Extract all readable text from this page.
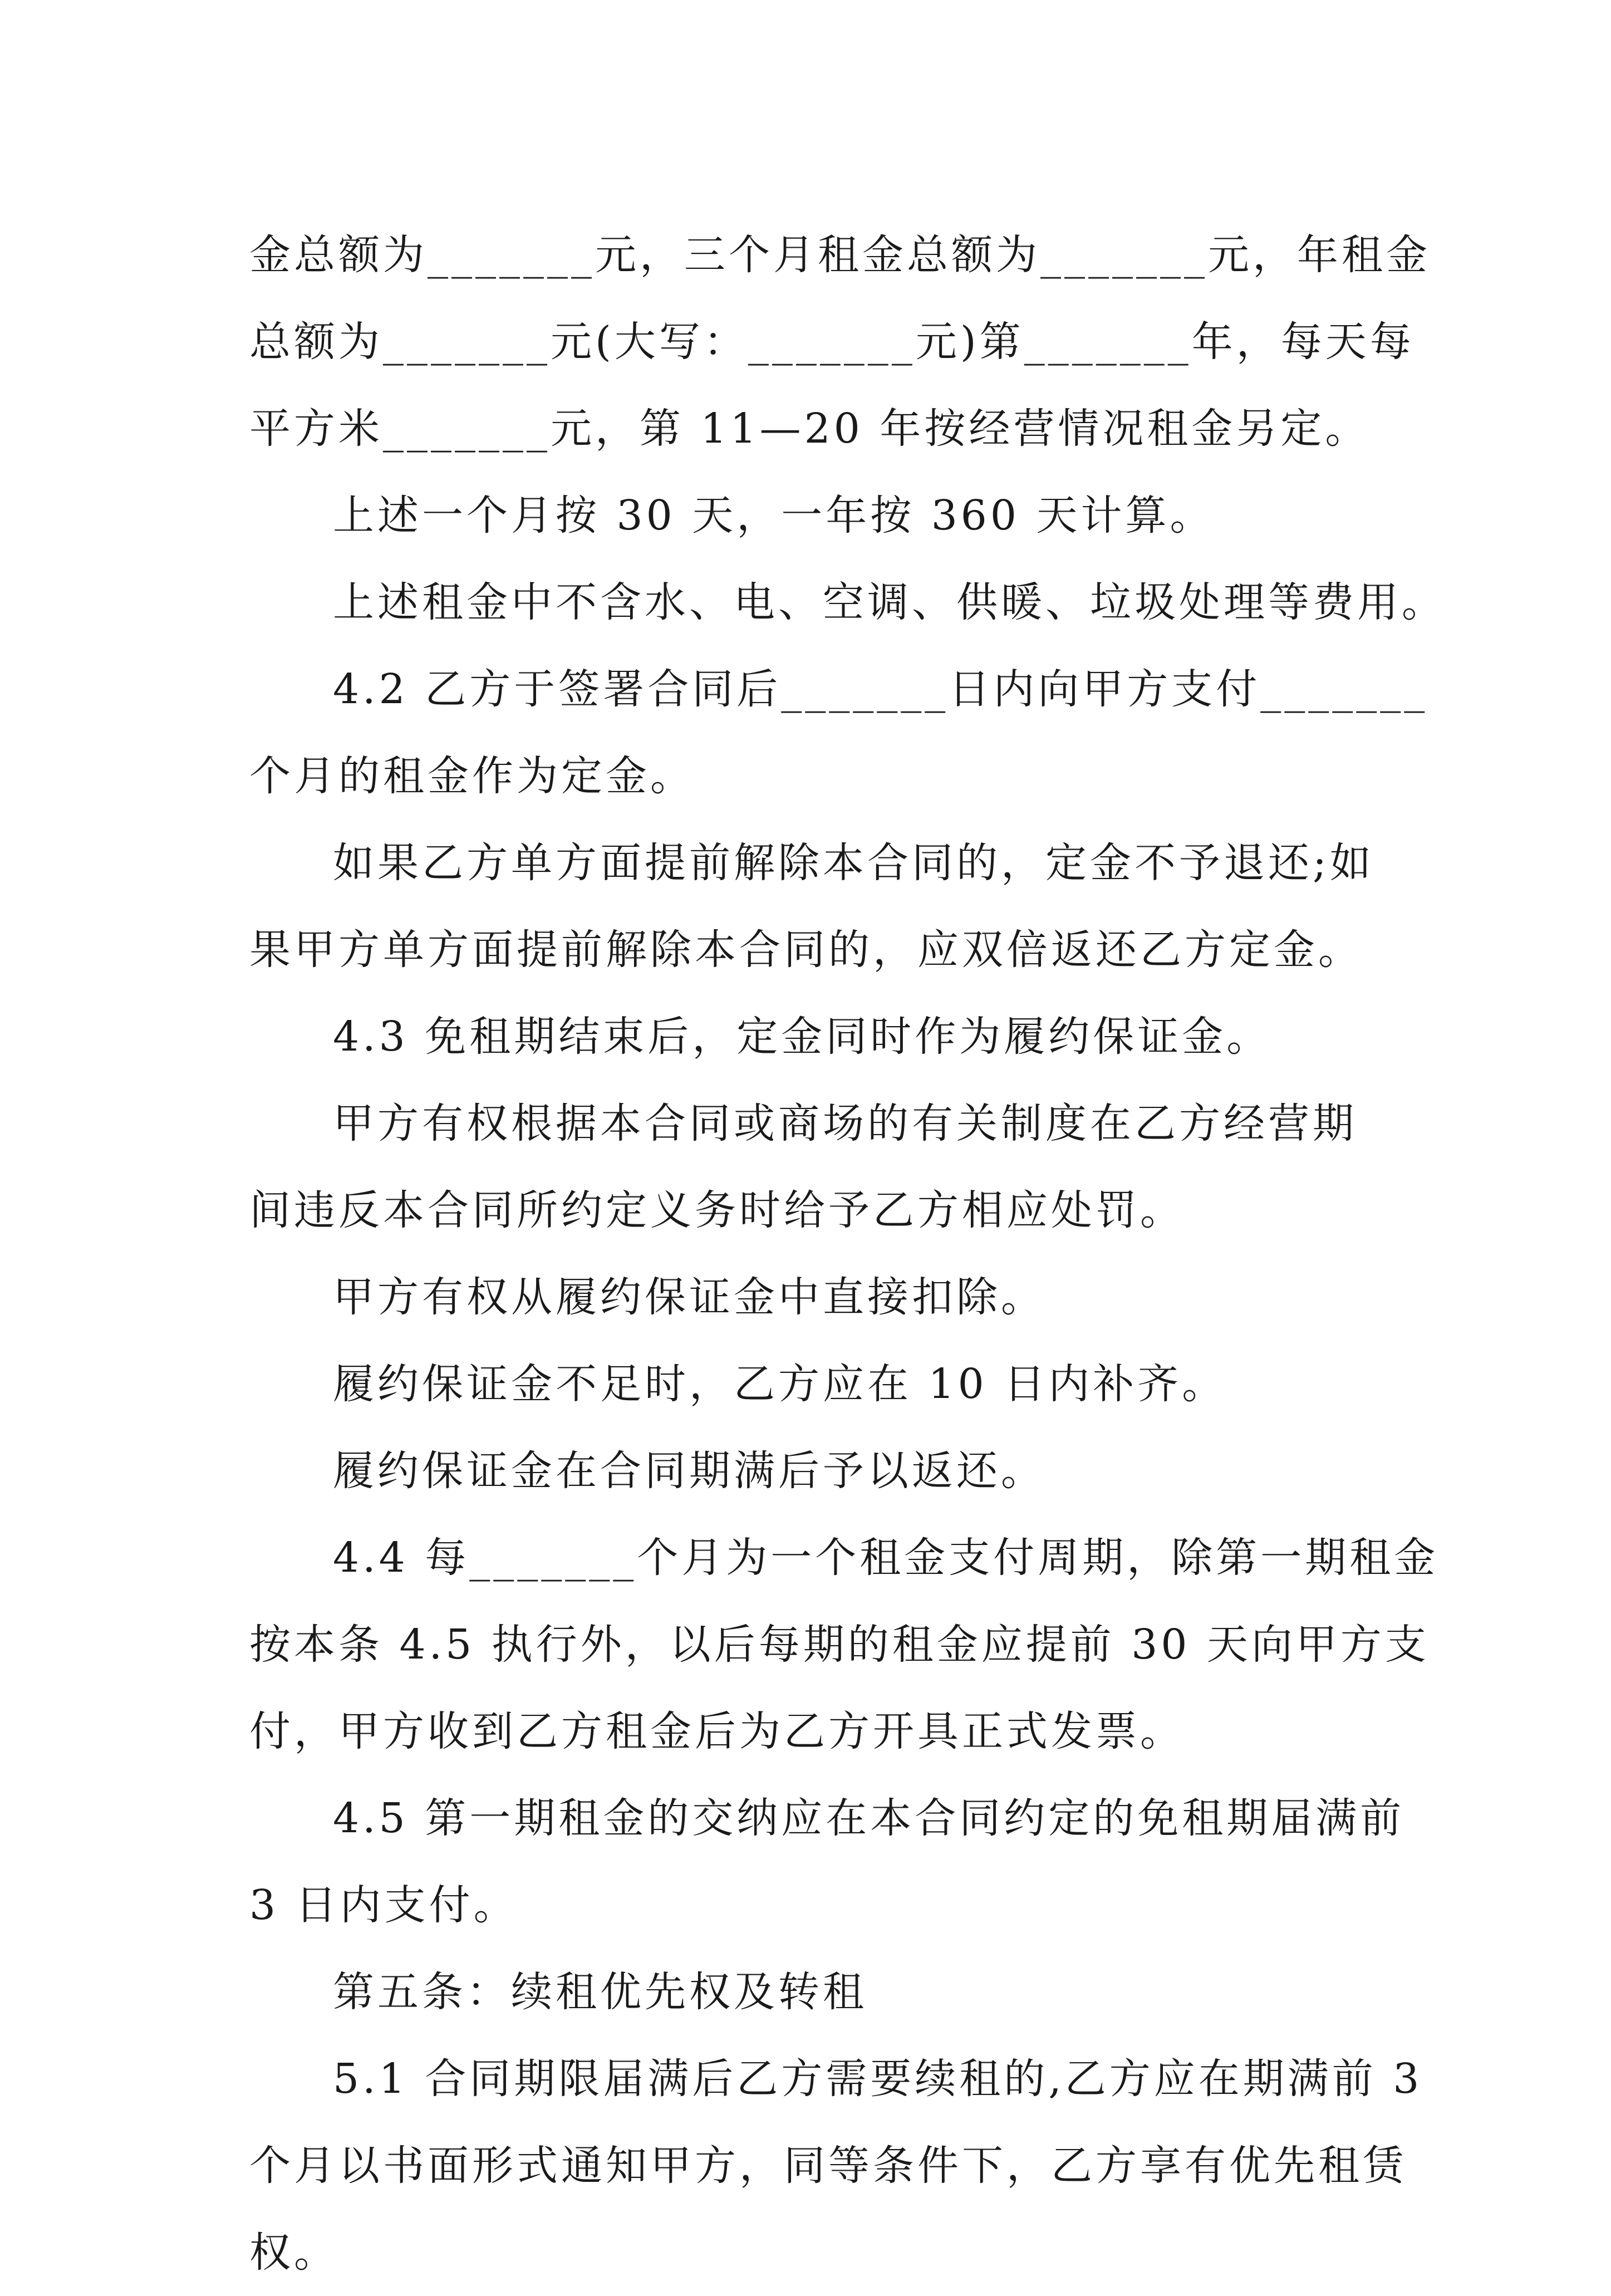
金总额为_______元，三个月租金总额为_______元，年租金
总额为_______元(大写：_______元)第_______年，每天每
平方米_______元，第 11—20 年按经营情况租金另定。
上述一个月按 30 天，一年按 360 天计算。
上述租金中不含水、电、空调、供暖、垃圾处理等费用。
4.2 乙方于签署合同后_______日内向甲方支付_______
个月的租金作为定金。
如果乙方单方面提前解除本合同的，定金不予退还;如
果甲方单方面提前解除本合同的，应双倍返还乙方定金。
4.3 免租期结束后，定金同时作为履约保证金。
甲方有权根据本合同或商场的有关制度在乙方经营期
间违反本合同所约定义务时给予乙方相应处罚。
甲方有权从履约保证金中直接扣除。
履约保证金不足时，乙方应在 10 日内补齐。
履约保证金在合同期满后予以返还。
4.4 每_______个月为一个租金支付周期，除第一期租金
按本条 4.5 执行外，以后每期的租金应提前 30 天向甲方支
付，甲方收到乙方租金后为乙方开具正式发票。
4.5 第一期租金的交纳应在本合同约定的免租期届满前
3 日内支付。
第五条：续租优先权及转租
5.1 合同期限届满后乙方需要续租的,乙方应在期满前 3
个月以书面形式通知甲方，同等条件下，乙方享有优先租赁
权。
